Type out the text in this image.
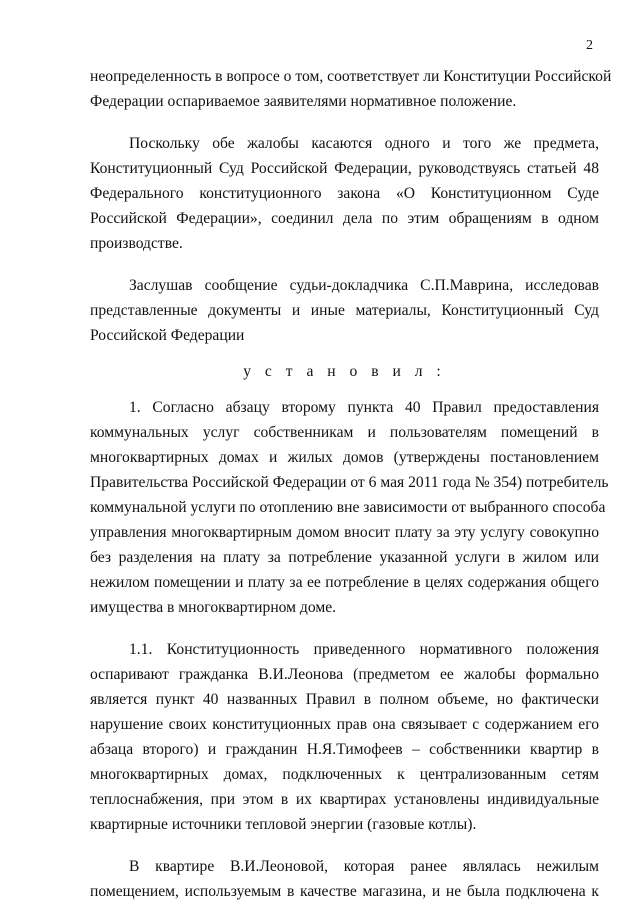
2
неопределенность в вопросе о том, соответствует ли Конституции Российской
Федерации оспариваемое заявителями нормативное положение.
Поскольку обе жалобы касаются одного и того же предмета,
Конституционный Суд Российской Федерации, руководствуясь статьей 48
Федерального конституционного закона «О Конституционном Суде
Российской Федерации», соединил дела по этим обращениям в одном
производстве.
Заслушав сообщение судьи-докладчика С.П.Маврина, исследовав
представленные документы и иные материалы, Конституционный Суд
Российской Федерации
у с т а н о в и л :
1. Согласно абзацу второму пункта 40 Правил предоставления
коммунальных услуг собственникам и пользователям помещений в
многоквартирных домах и жилых домов (утверждены постановлением
Правительства Российской Федерации от 6 мая 2011 года № 354) потребитель
коммунальной услуги по отоплению вне зависимости от выбранного способа
управления многоквартирным домом вносит плату за эту услугу совокупно
без разделения на плату за потребление указанной услуги в жилом или
нежилом помещении и плату за ее потребление в целях содержания общего
имущества в многоквартирном доме.
1.1. Конституционность приведенного нормативного положения
оспаривают гражданка В.И.Леонова (предметом ее жалобы формально
является пункт 40 названных Правил в полном объеме, но фактически
нарушение своих конституционных прав она связывает с содержанием его
абзаца второго) и гражданин Н.Я.Тимофеев – собственники квартир в
многоквартирных домах, подключенных к централизованным сетям
теплоснабжения, при этом в их квартирах установлены индивидуальные
квартирные источники тепловой энергии (газовые котлы).
В квартире В.И.Леоновой, которая ранее являлась нежилым
помещением, используемым в качестве магазина, и не была подключена к
